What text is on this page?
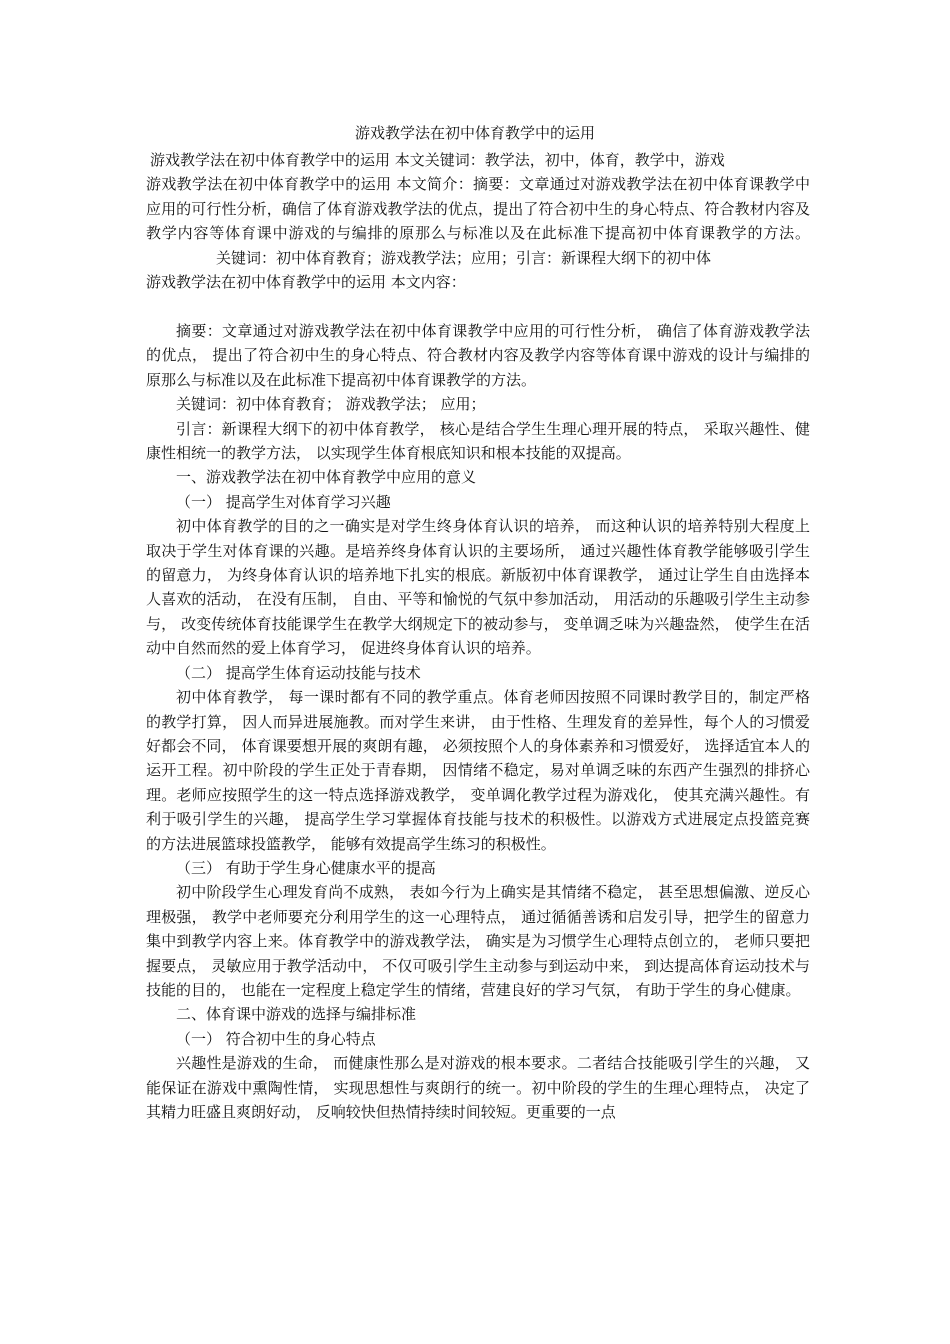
游戏教学法在初中体育教学中的运用

游戏教学法在初中体育教学中的运用 本文关键词：教学法，初中，体育，教学中，游戏

游戏教学法在初中体育教学中的运用 本文简介：摘要：文章通过对游戏教学法在初中体育课教学中应用的可行性分析，确信了体育游戏教学法的优点，提出了符合初中生的身心特点、符合教材内容及教学内容等体育课中游戏的与编排的原那么与标准以及在此标准下提高初中体育课教学的方法。关键词：初中体育教育；游戏教学法；应用；引言：新课程大纲下的初中体

游戏教学法在初中体育教学中的运用 本文内容：

摘要：文章通过对游戏教学法在初中体育课教学中应用的可行性分析， 确信了体育游戏教学法的优点， 提出了符合初中生的身心特点、符合教材内容及教学内容等体育课中游戏的设计与编排的原那么与标准以及在此标准下提高初中体育课教学的方法。

关键词：初中体育教育； 游戏教学法； 应用；

引言：新课程大纲下的初中体育教学， 核心是结合学生生理心理开展的特点， 采取兴趣性、健康性相统一的教学方法， 以实现学生体育根底知识和根本技能的双提高。

一、游戏教学法在初中体育教学中应用的意义

（一） 提高学生对体育学习兴趣

初中体育教学的目的之一确实是对学生终身体育认识的培养， 而这种认识的培养特别大程度上取决于学生对体育课的兴趣。是培养终身体育认识的主要场所， 通过兴趣性体育教学能够吸引学生的留意力， 为终身体育认识的培养地下扎实的根底。新版初中体育课教学， 通过让学生自由选择本人喜欢的活动， 在没有压制， 自由、平等和愉悦的气氛中参加活动， 用活动的乐趣吸引学生主动参与， 改变传统体育技能课学生在教学大纲规定下的被动参与， 变单调乏味为兴趣盎然， 使学生在活动中自然而然的爱上体育学习， 促进终身体育认识的培养。

（二） 提高学生体育运动技能与技术

初中体育教学， 每一课时都有不同的教学重点。体育老师因按照不同课时教学目的，制定严格的教学打算， 因人而异进展施教。而对学生来讲， 由于性格、生理发育的差异性，每个人的习惯爱好都会不同， 体育课要想开展的爽朗有趣， 必须按照个人的身体素养和习惯爱好， 选择适宜本人的运开工程。初中阶段的学生正处于青春期， 因情绪不稳定，易对单调乏味的东西产生强烈的排挤心理。老师应按照学生的这一特点选择游戏教学， 变单调化教学过程为游戏化， 使其充满兴趣性。有利于吸引学生的兴趣， 提高学生学习掌握体育技能与技术的积极性。以游戏方式进展定点投篮竞赛的方法进展篮球投篮教学， 能够有效提高学生练习的积极性。

（三） 有助于学生身心健康水平的提高

初中阶段学生心理发育尚不成熟， 表如今行为上确实是其情绪不稳定， 甚至思想偏激、逆反心理极强， 教学中老师要充分利用学生的这一心理特点， 通过循循善诱和启发引导，把学生的留意力集中到教学内容上来。体育教学中的游戏教学法， 确实是为习惯学生心理特点创立的， 老师只要把握要点， 灵敏应用于教学活动中， 不仅可吸引学生主动参与到运动中来， 到达提高体育运动技术与技能的目的， 也能在一定程度上稳定学生的情绪，营建良好的学习气氛， 有助于学生的身心健康。

二、体育课中游戏的选择与编排标准

（一） 符合初中生的身心特点

兴趣性是游戏的生命， 而健康性那么是对游戏的根本要求。二者结合技能吸引学生的兴趣， 又能保证在游戏中熏陶性情， 实现思想性与爽朗行的统一。初中阶段的学生的生理心理特点， 决定了其精力旺盛且爽朗好动， 反响较快但热情持续时间较短。更重要的一点
